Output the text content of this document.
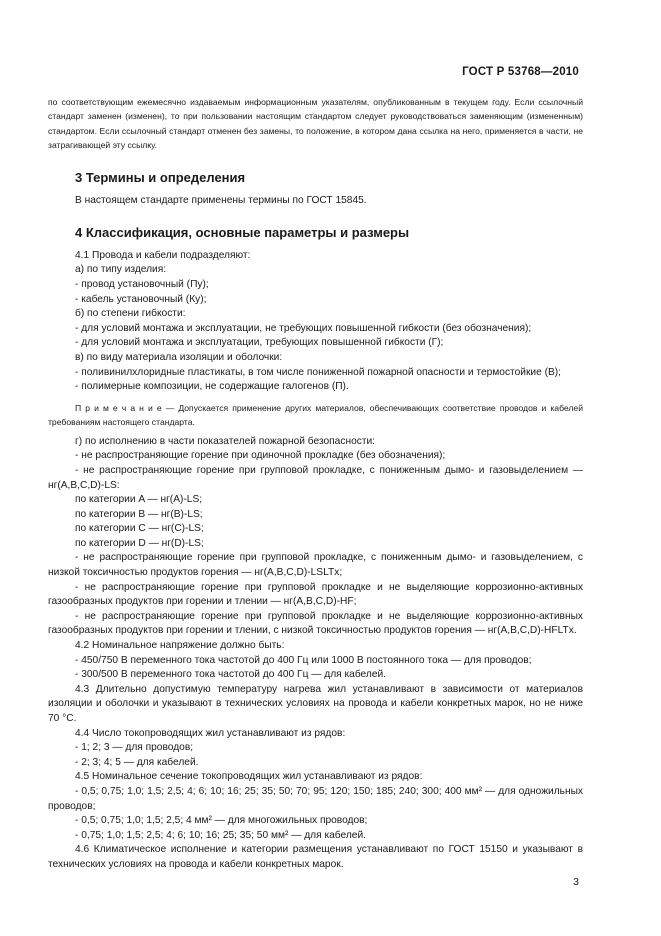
ГОСТ Р 53768—2010

по соответствующим ежемесячно издаваемым информационным указателям, опубликованным в текущем году. Если ссылочный стандарт заменен (изменен), то при пользовании настоящим стандартом следует руководствоваться заменяющим (измененным) стандартом. Если ссылочный стандарт отменен без замены, то положение, в котором дана ссылка на него, применяется в части, не затрагивающей эту ссылку.

3 Термины и определения

В настоящем стандарте применены термины по ГОСТ 15845.

4 Классификация, основные параметры и размеры

4.1 Провода и кабели подразделяют:

а) по типу изделия:

- провод установочный (Пу);

- кабель установочный (Ку);

б) по степени гибкости:

- для условий монтажа и эксплуатации, не требующих повышенной гибкости (без обозначения);

- для условий монтажа и эксплуатации, требующих повышенной гибкости (Г);

в) по виду материала изоляции и оболочки:

- поливинилхлоридные пластикаты, в том числе пониженной пожарной опасности и термостойкие (В);

- полимерные композиции, не содержащие галогенов (П).

П р и м е ч а н и е — Допускается применение других материалов, обеспечивающих соответствие проводов и кабелей требованиям настоящего стандарта.

г) по исполнению в части показателей пожарной безопасности:

- не распространяющие горение при одиночной прокладке (без обозначения);

- не распространяющие горение при групповой прокладке, с пониженным дымо- и газовыделением — нг(A,B,C,D)-LS:

по категории A — нг(A)-LS;

по категории B — нг(B)-LS;

по категории C — нг(C)-LS;

по категории D — нг(D)-LS;

- не распространяющие горение при групповой прокладке, с пониженным дымо- и газовыделением, с низкой токсичностью продуктов горения — нг(A,B,C,D)-LSLTx;

- не распространяющие горение при групповой прокладке и не выделяющие коррозионно-активных газообразных продуктов при горении и тлении — нг(A,B,C,D)-HF;

- не распространяющие горение при групповой прокладке и не выделяющие коррозионно-активных газообразных продуктов при горении и тлении, с низкой токсичностью продуктов горения — нг(A,B,C,D)-HFLTx.

4.2 Номинальное напряжение должно быть:

- 450/750 В переменного тока частотой до 400 Гц или 1000 В постоянного тока — для проводов;

- 300/500 В переменного тока частотой до 400 Гц — для кабелей.

4.3 Длительно допустимую температуру нагрева жил устанавливают в зависимости от материалов изоляции и оболочки и указывают в технических условиях на провода и кабели конкретных марок, но не ниже 70 °С.

4.4 Число токопроводящих жил устанавливают из рядов:

- 1; 2; 3 — для проводов;

- 2; 3; 4; 5 — для кабелей.

4.5 Номинальное сечение токопроводящих жил устанавливают из рядов:

- 0,5; 0,75; 1,0; 1,5; 2,5; 4; 6; 10; 16; 25; 35; 50; 70; 95; 120; 150; 185; 240; 300; 400 мм² — для одножильных проводов;

- 0,5; 0,75; 1,0; 1,5; 2,5; 4 мм² — для многожильных проводов;

- 0,75; 1,0; 1,5; 2,5; 4; 6; 10; 16; 25; 35; 50 мм² — для кабелей.

4.6 Климатическое исполнение и категории размещения устанавливают по ГОСТ 15150 и указывают в технических условиях на провода и кабели конкретных марок.

3
